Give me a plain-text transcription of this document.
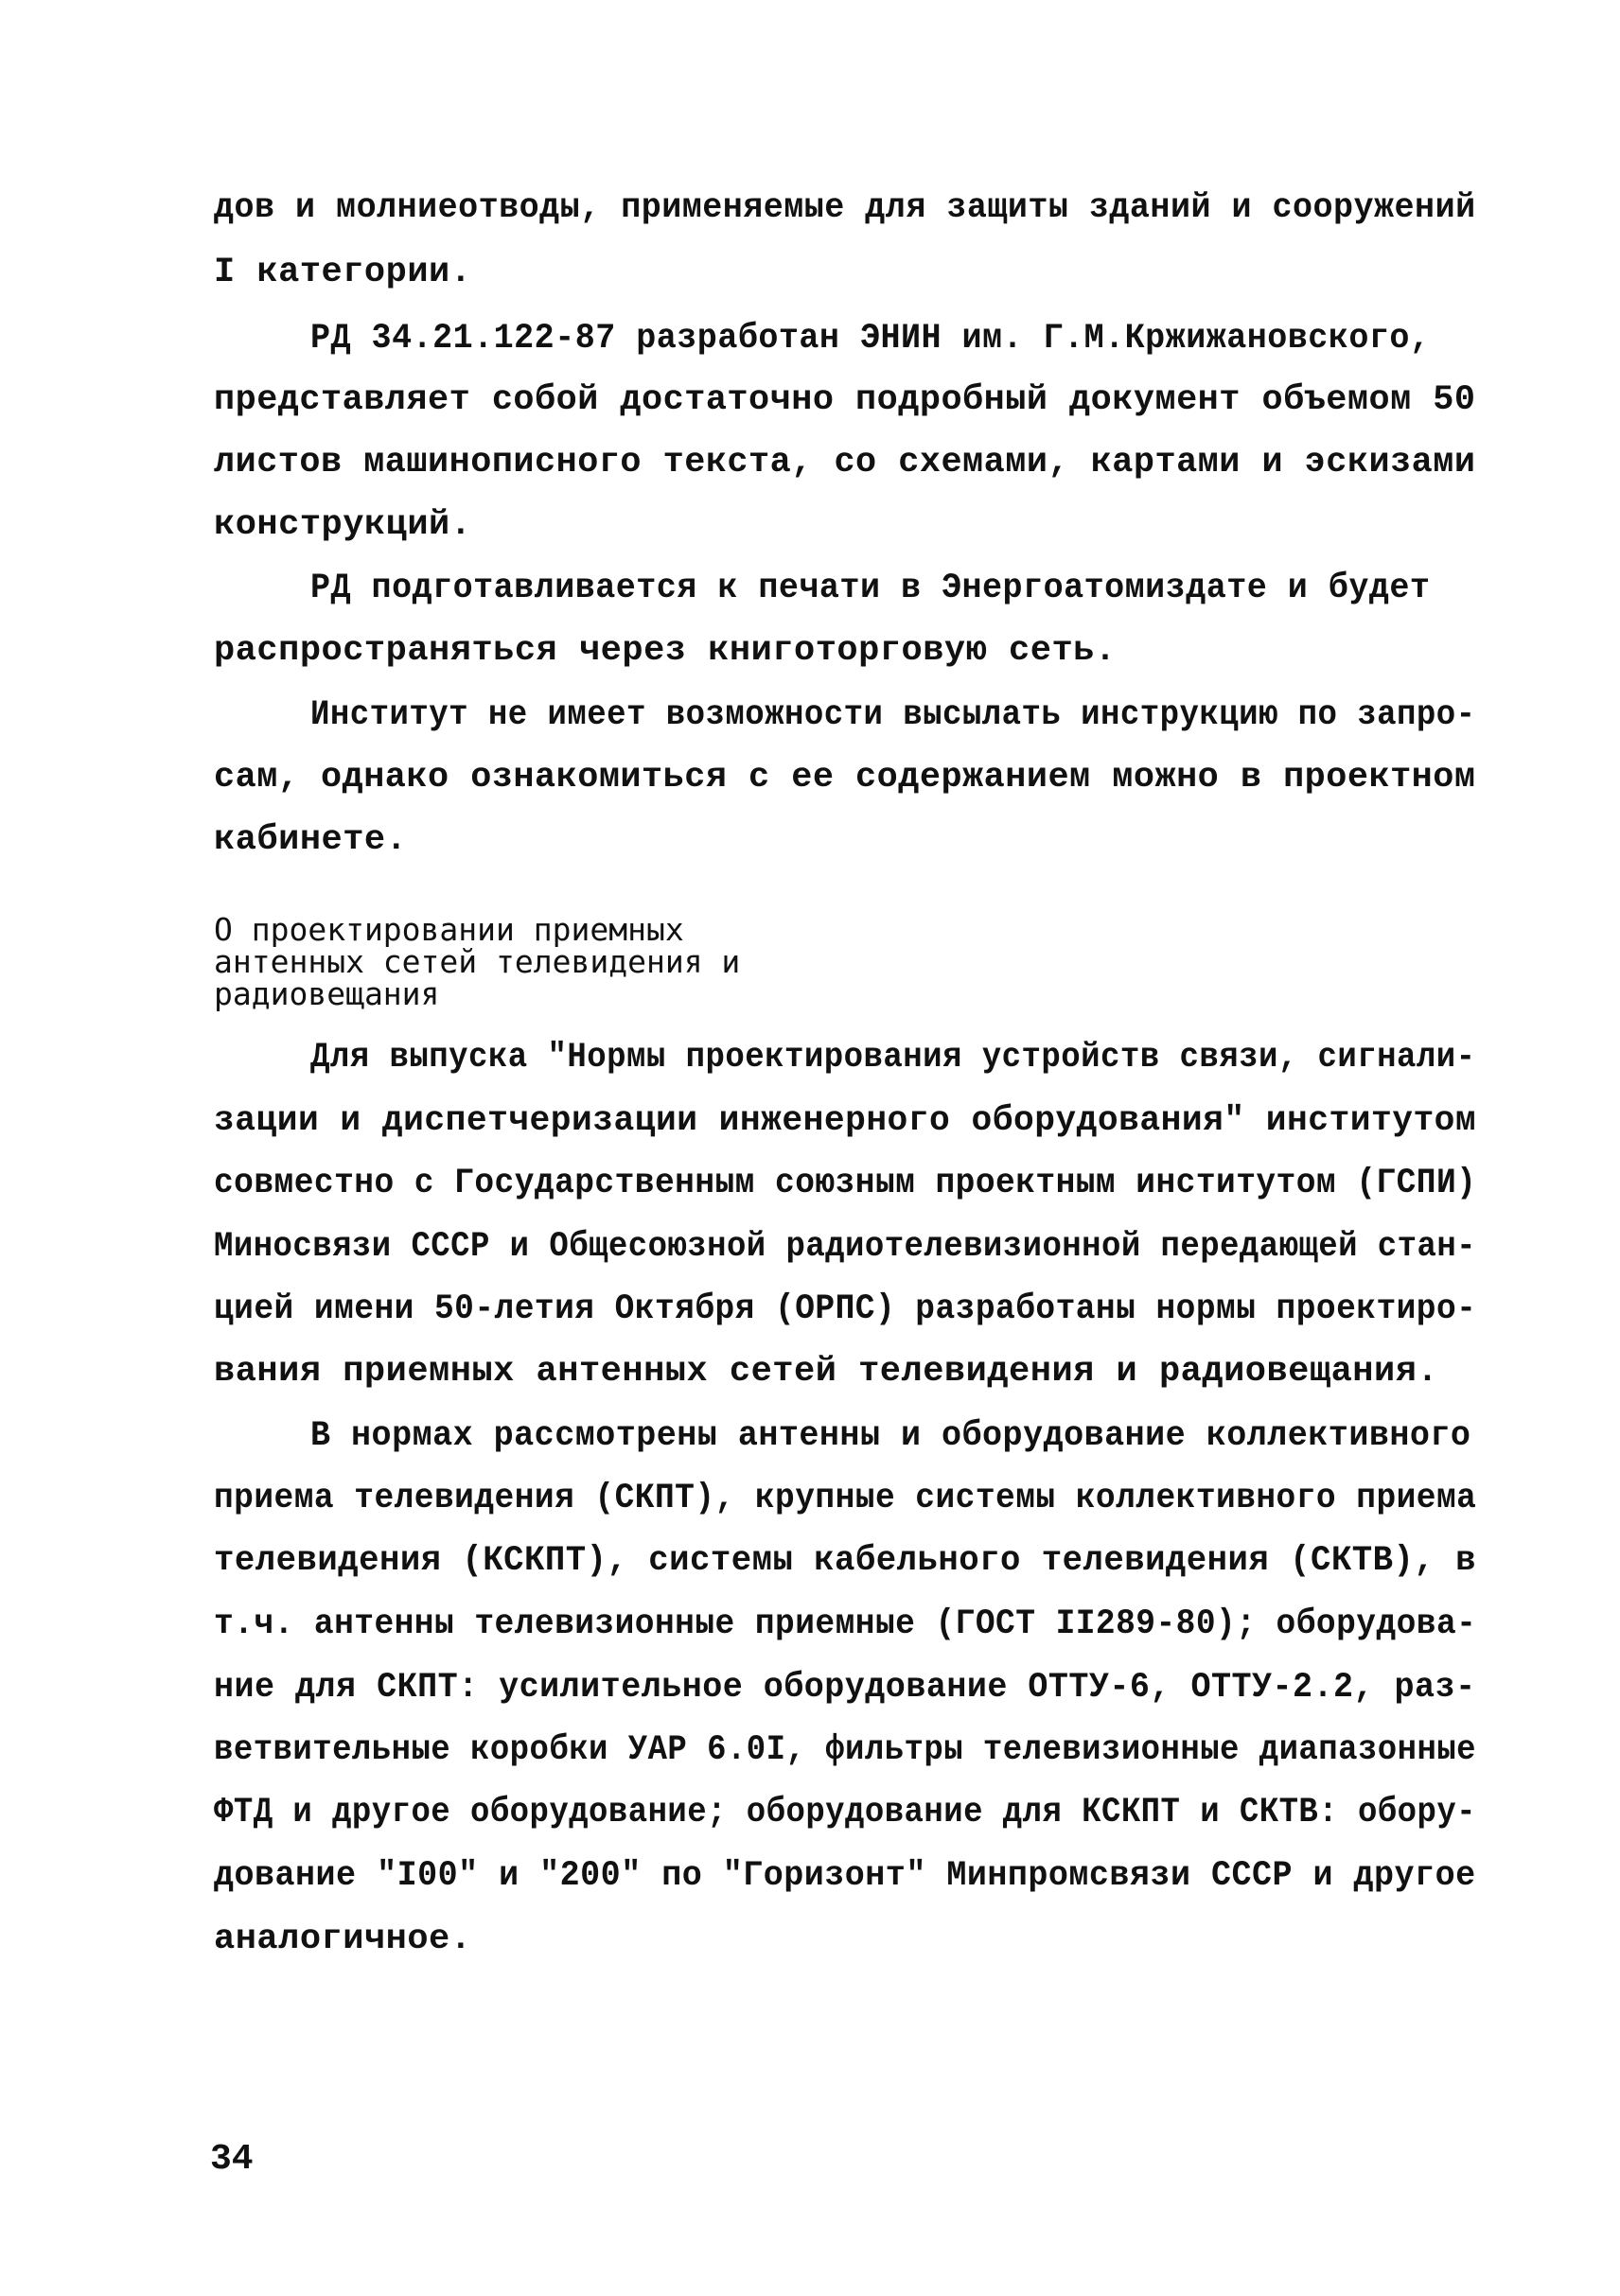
дов и молниеотводы, применяемые для защиты зданий и сооружений

I категории.

РД 34.21.122-87 разработан ЭНИН им. Г.М.Кржижановского,

представляет собой достаточно подробный документ объемом 50

листов машинописного текста, со схемами, картами и эскизами

конструкций.

РД подготавливается к печати в Энергоатомиздате и будет

распространяться через книготорговую сеть.

Институт не имеет возможности высылать инструкцию по запро-

сам, однако ознакомиться с ее содержанием можно в проектном

кабинете.

О проектировании приемных

антенных сетей телевидения и

радиовещания

Для выпуска "Нормы проектирования устройств связи, сигнали-

зации и диспетчеризации инженерного оборудования" институтом

совместно с Государственным союзным проектным институтом (ГСПИ)

Миносвязи СССР и Общесоюзной радиотелевизионной передающей стан-

цией имени 50-летия Октября (ОРПС) разработаны нормы проектиро-

вания приемных антенных сетей телевидения и радиовещания.

В нормах рассмотрены антенны и оборудование коллективного

приема телевидения (СКПТ), крупные системы коллективного приема

телевидения (КСКПТ), системы кабельного телевидения (СКТВ), в

т.ч. антенны телевизионные приемные (ГОСТ II289-80); оборудова-

ние для СКПТ: усилительное оборудование ОТТУ-6, ОТТУ-2.2, раз-

ветвительные коробки УАР 6.0I, фильтры телевизионные диапазонные

ФТД и другое оборудование; оборудование для КСКПТ и СКТВ: обору-

дование "I00" и "200" по "Горизонт" Минпромсвязи СССР и другое

аналогичное.

34
